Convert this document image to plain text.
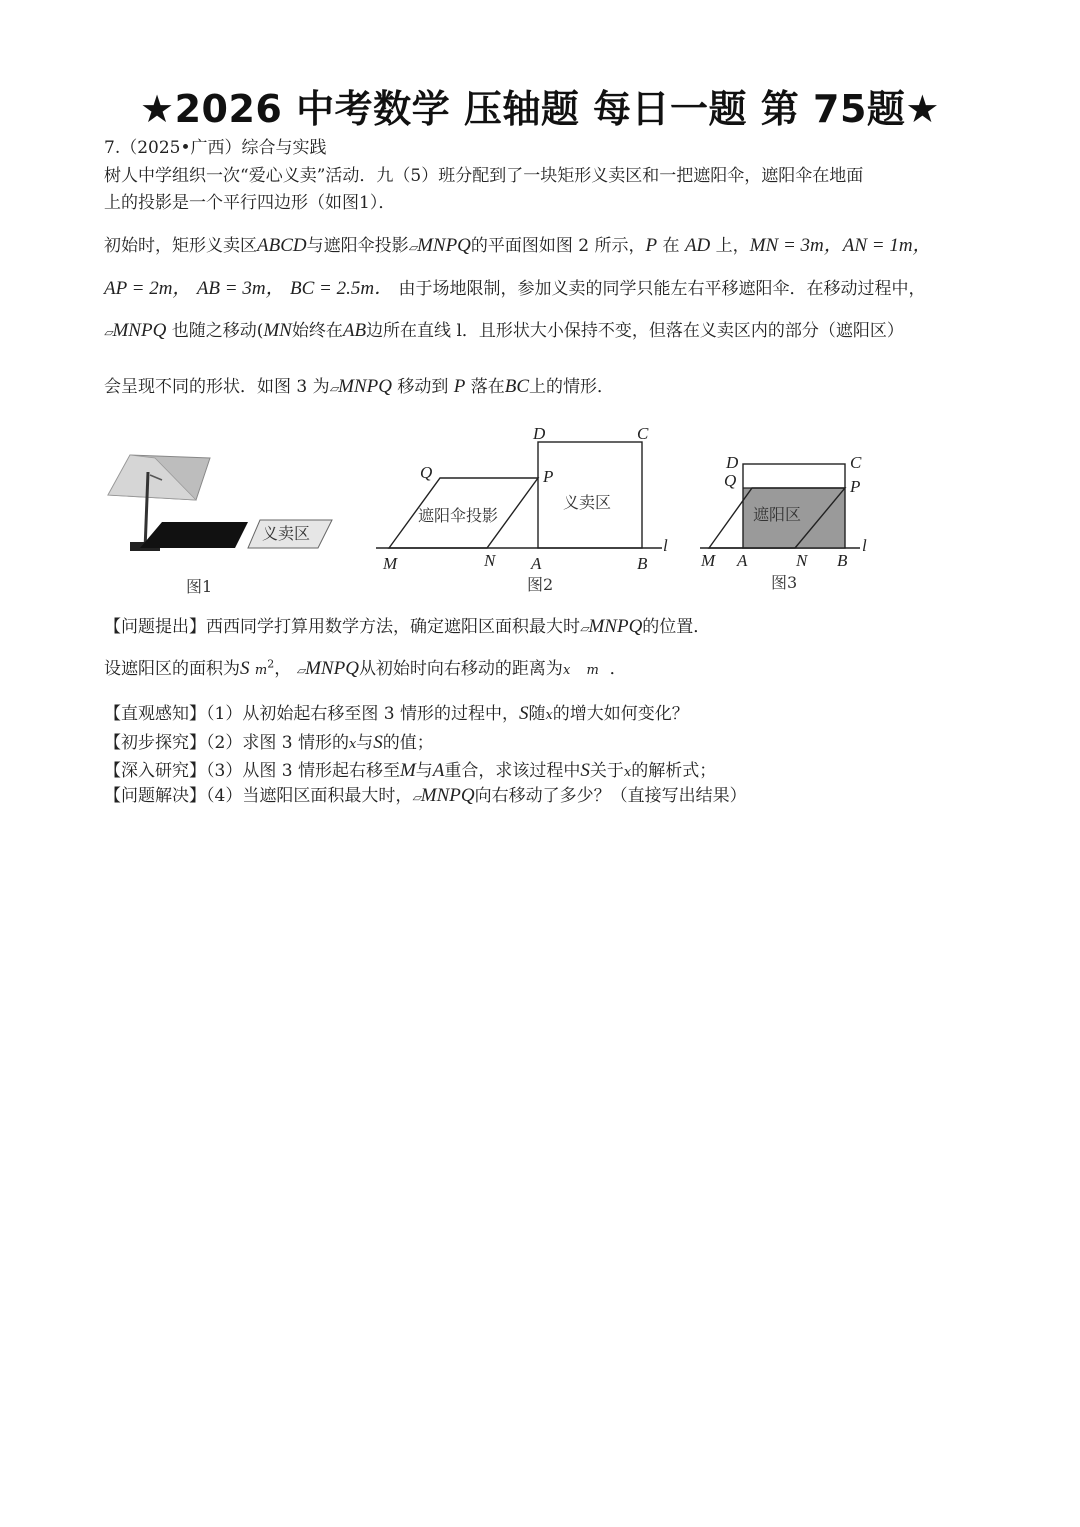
★2026 中考数学 压轴题 每日一题 第 75题★
7.（2025•广西）综合与实践
树人中学组织一次“爱心义卖”活动．九（5）班分配到了一块矩形义卖区和一把遮阳伞，遮阳伞在地面
上的投影是一个平行四边形（如图1）．
初始时，矩形义卖区ABCD与遮阳伞投影▱MNPQ的平面图如图 2 所示，P 在 AD 上，MN = 3m，AN = 1m，
AP = 2m， AB = 3m， BC = 2.5m． 由于场地限制，参加义卖的同学只能左右平移遮阳伞．在移动过程中，
▱MNPQ 也随之移动(MN始终在AB边所在直线 l．且形状大小保持不变，但落在义卖区内的部分（遮阳区）
会呈现不同的形状．如图 3 为▱MNPQ 移动到 P 落在BC上的情形．
义卖区
图1
遮阳伞投影
义卖区
D	C
Q	P
M	N A	B
l
图2
遮阳区
D	C
Q	P
M A	N B
l
图3
【问题提出】西西同学打算用数学方法，确定遮阳区面积最大时▱MNPQ的位置．
设遮阳区的面积为S $m^2$， ▱MNPQ从初始时向右移动的距离为x m ．
【直观感知】（1）从初始起右移至图 3 情形的过程中，S随x的增大如何变化？
【初步探究】（2）求图 3 情形的x与S的值；
【深入研究】（3）从图 3 情形起右移至M与A重合，求该过程中S关于x的解析式；
【问题解决】（4）当遮阳区面积最大时，▱MNPQ向右移动了多少？（直接写出结果）
